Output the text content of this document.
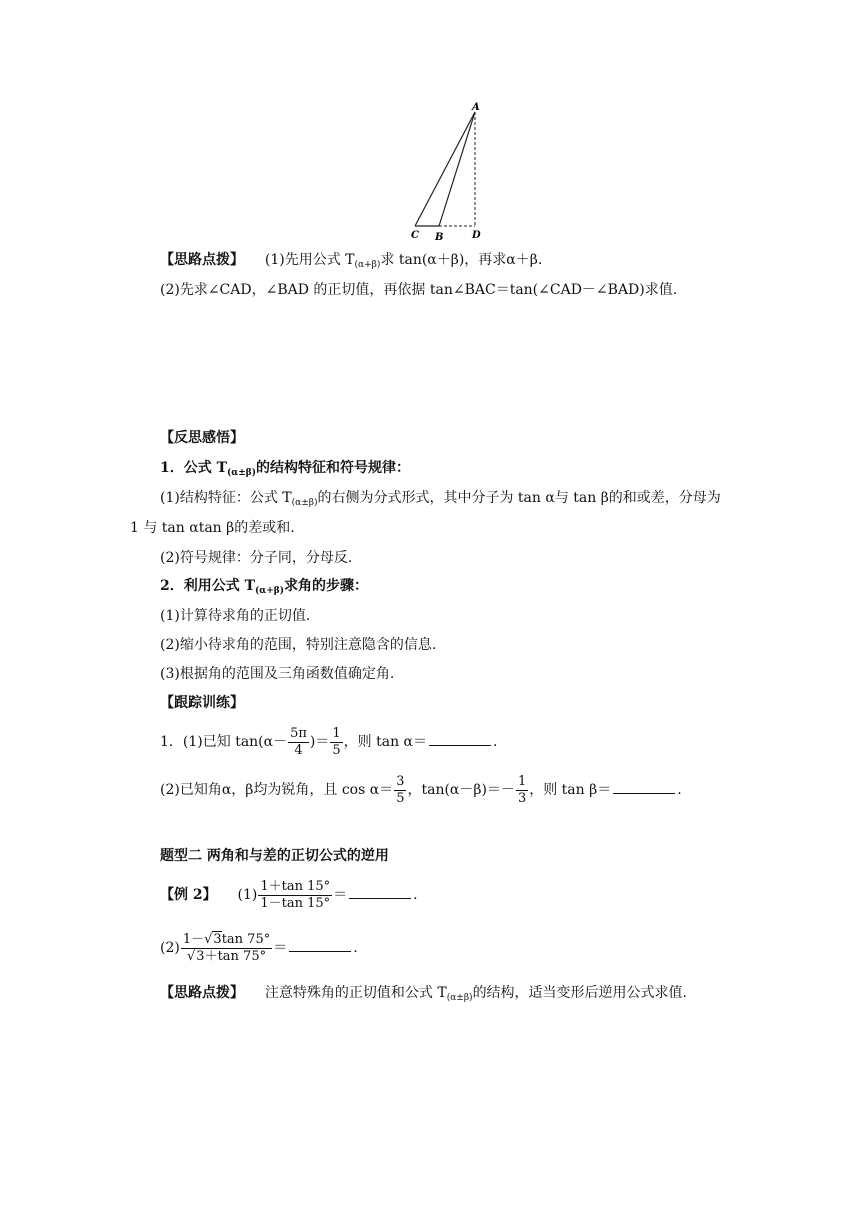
A
C B	D
【思路点拨】 (1)先用公式 $T_{(\alpha+\beta)}$求 tan(α＋β)，再求α＋β.
(2)先求∠CAD，∠BAD 的正切值，再依据 tan∠BAC＝tan(∠CAD－∠BAD)求值.
【反思感悟】
1．公式 $T_{(\alpha\pm\beta)}$的结构特征和符号规律：
(1)结构特征：公式 $T_{(\alpha\pm\beta)}$的右侧为分式形式，其中分子为 tan α与 tan β的和或差，分母为
1 与 tan αtan β的差或和.
(2)符号规律：分子同，分母反.
2．利用公式 $T_{(\alpha+\beta)}$求角的步骤：
(1)计算待求角的正切值.
(2)缩小待求角的范围，特别注意隐含的信息.
(3)根据角的范围及三角函数值确定角.
【跟踪训练】
1．(1)已知 $\tan(\alpha- \frac{5\pi}{4}$ )＝ $\frac{1}{5}$ ，则 tan α＝	.
(2)已知角α，β均为锐角，且 $\cos \alpha= \frac{3}{5}$ ，$\tan(\alpha-\beta)=- \frac{1}{3}$ ，则 tan β＝	.
题型二 两角和与差的正切公式的逆用
【例 2】 $(1) \frac{1+\tan 15^\circ}{1-\tan 15^\circ}$ ＝	.
$(2) \frac{1-√3\tan 75^\circ}{√3+\tan 75^\circ}$ ＝	.
【思路点拨】 注意特殊角的正切值和公式 $T_{(\alpha\pm\beta)}$的结构，适当变形后逆用公式求值.
